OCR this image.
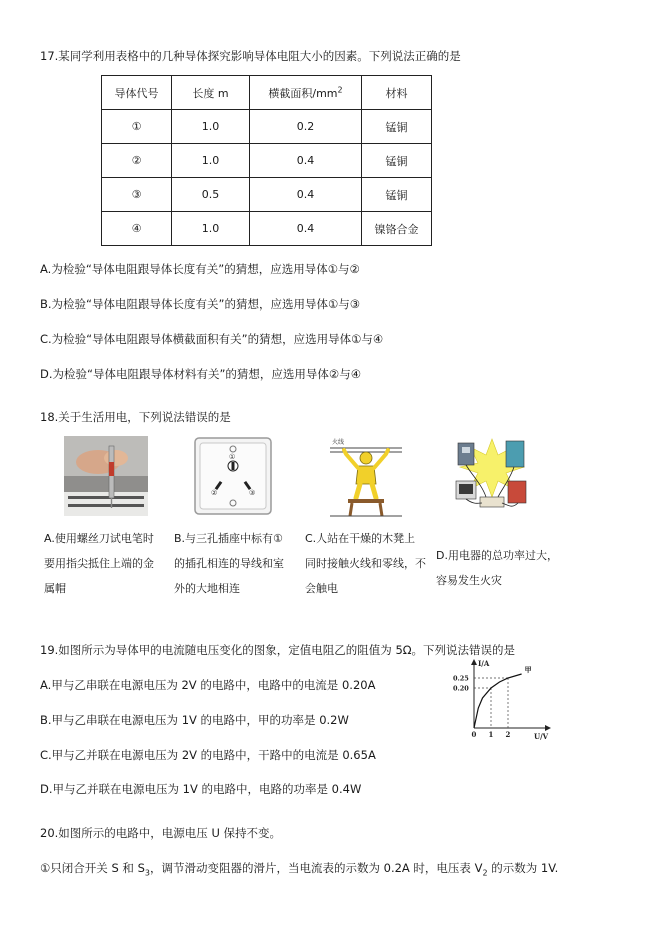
17.某同学利用表格中的几种导体探究影响导体电阻大小的因素。下列说法正确的是
导体代号	长度 m	横截面积$/mm^2$	材料
①	1.0	0.2	锰铜
②	1.0	0.4	锰铜
③	0.5	0.4	锰铜
④	1.0	0.4	镍铬合金
A.为检验“导体电阻跟导体长度有关”的猜想，应选用导体①与②
B.为检验“导体电阻跟导体长度有关”的猜想，应选用导体①与③
C.为检验“导体电阻跟导体横截面积有关”的猜想，应选用导体①与④
D.为检验“导体电阻跟导体材料有关”的猜想，应选用导体②与④
18.关于生活用电，下列说法错误的是
②	③
①
火线
A.使用螺丝刀试电笔时
要用指尖抵住上端的金
属帽
B.与三孔插座中标有①
的插孔相连的导线和室
外的大地相连
C.人站在干燥的木凳上
同时接触火线和零线，不
会触电
D.用电器的总功率过大，
容易发生火灾
19.如图所示为导体甲的电流随电压变化的图象，定值电阻乙的阻值为 5Ω。下列说法错误的是
A.甲与乙串联在电源电压为 2V 的电路中，电路中的电流是 0.20A
B.甲与乙串联在电源电压为 1V 的电路中，甲的功率是 0.2W
C.甲与乙并联在电源电压为 2V 的电路中，干路中的电流是 0.65A
D.甲与乙并联在电源电压为 1V 的电路中，电路的功率是 0.4W
甲
0 1 2
0.20
0.25
I/A
U/V
20.如图所示的电路中，电源电压 U 保持不变。
①只闭合开关 S 和 $S_3$，调节滑动变阻器的滑片，当电流表的示数为 0.2A 时，电压表 $V_2$ 的示数为 1V.
